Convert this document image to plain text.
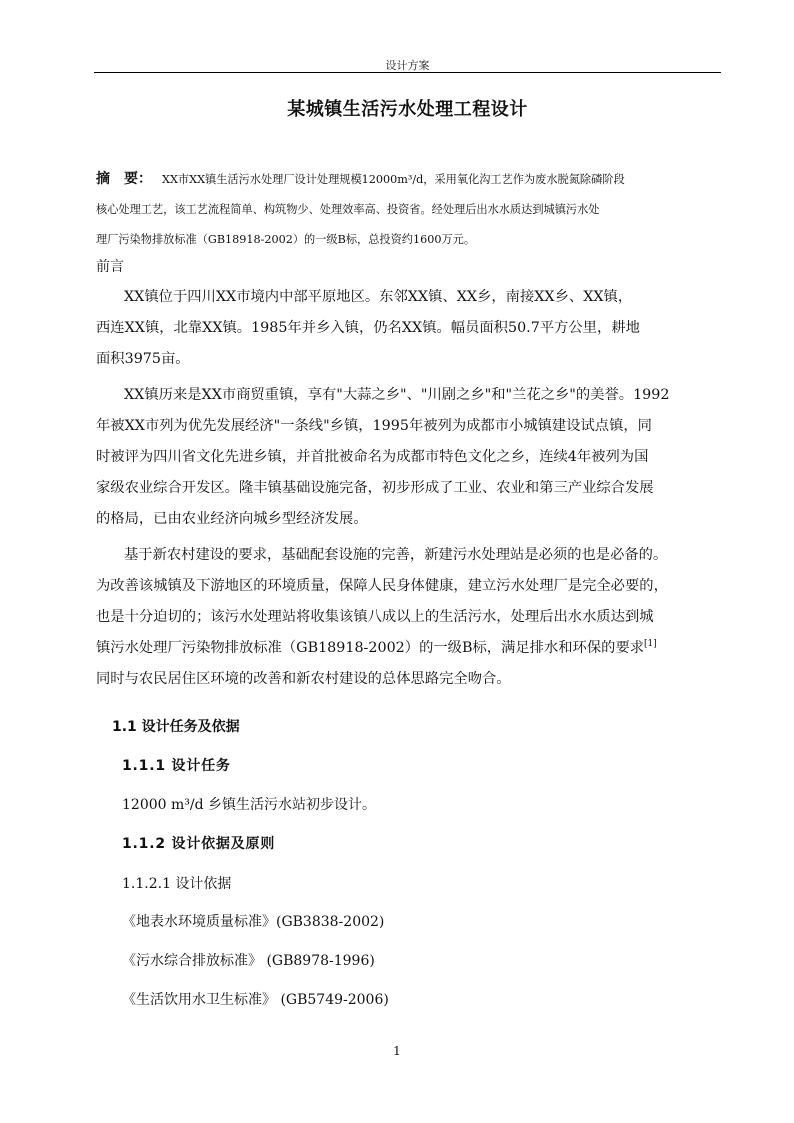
设计方案
某城镇生活污水处理工程设计
摘　要： XX市XX镇生活污水处理厂设计处理规模12000m³/d，采用氧化沟工艺作为废水脱氮除磷阶段
核心处理工艺，该工艺流程简单、构筑物少、处理效率高、投资省。经处理后出水水质达到城镇污水处
理厂污染物排放标准（GB18918-2002）的一级B标，总投资约1600万元。
前言
XX镇位于四川XX市境内中部平原地区。东邻XX镇、XX乡，南接XX乡、XX镇，
西连XX镇，北靠XX镇。1985年并乡入镇，仍名XX镇。幅员面积50.7平方公里，耕地
面积3975亩。
XX镇历来是XX市商贸重镇，享有"大蒜之乡"、"川剧之乡"和"兰花之乡"的美誉。1992
年被XX市列为优先发展经济"一条线"乡镇，1995年被列为成都市小城镇建设试点镇，同
时被评为四川省文化先进乡镇，并首批被命名为成都市特色文化之乡，连续4年被列为国
家级农业综合开发区。隆丰镇基础设施完备，初步形成了工业、农业和第三产业综合发展
的格局，已由农业经济向城乡型经济发展。
基于新农村建设的要求，基础配套设施的完善，新建污水处理站是必须的也是必备的。
为改善该城镇及下游地区的环境质量，保障人民身体健康，建立污水处理厂是完全必要的，
也是十分迫切的；该污水处理站将收集该镇八成以上的生活污水，处理后出水水质达到城
镇污水处理厂污染物排放标准（GB18918-2002）的一级B标，满足排水和环保的要求[1]
同时与农民居住区环境的改善和新农村建设的总体思路完全吻合。
1.1 设计任务及依据
1.1.1 设计任务
12000 m³/d 乡镇生活污水站初步设计。
1.1.2 设计依据及原则
1.1.2.1 设计依据
《地表水环境质量标准》(GB3838-2002)
《污水综合排放标准》 (GB8978-1996)
《生活饮用水卫生标准》 (GB5749-2006)
1
